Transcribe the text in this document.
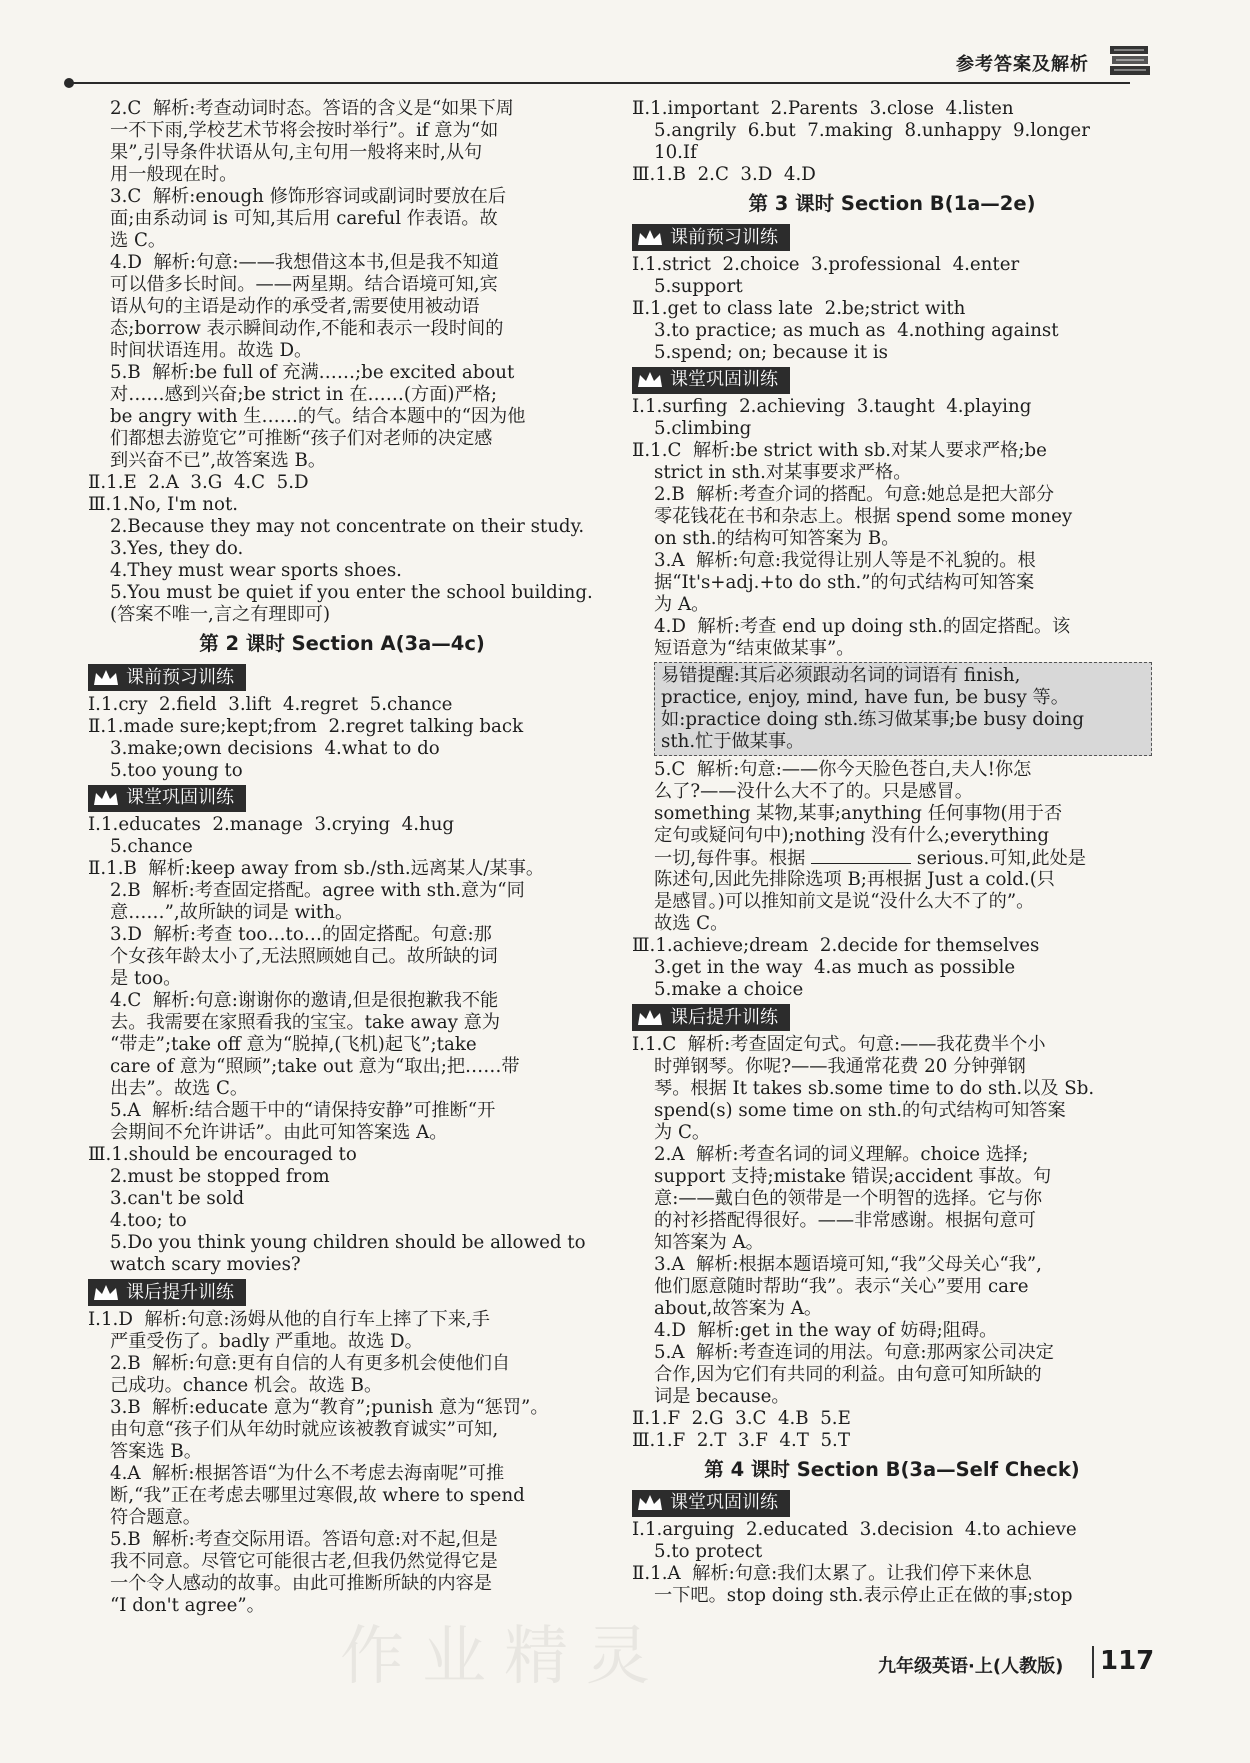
参考答案及解析
2.C  解析:考查动词时态。答语的含义是“如果下周
一不下雨,学校艺术节将会按时举行”。if 意为“如
果”,引导条件状语从句,主句用一般将来时,从句
用一般现在时。
3.C  解析:enough 修饰形容词或副词时要放在后
面;由系动词 is 可知,其后用 careful 作表语。故
选 C。
4.D  解析:句意:——我想借这本书,但是我不知道
可以借多长时间。——两星期。结合语境可知,宾
语从句的主语是动作的承受者,需要使用被动语
态;borrow 表示瞬间动作,不能和表示一段时间的
时间状语连用。故选 D。
5.B  解析:be full of 充满……;be excited about
对……感到兴奋;be strict in 在……(方面)严格;
be angry with 生……的气。结合本题中的“因为他
们都想去游览它”可推断“孩子们对老师的决定感
到兴奋不已”,故答案选 B。
Ⅱ.1.E  2.A  3.G  4.C  5.D
Ⅲ.1.No, I'm not.
2.Because they may not concentrate on their study.
3.Yes, they do.
4.They must wear sports shoes.
5.You must be quiet if you enter the school building.
(答案不唯一,言之有理即可)
第 2 课时 Section A(3a—4c)
课前预习训练
Ⅰ.1.cry  2.field  3.lift  4.regret  5.chance
Ⅱ.1.made sure;kept;from  2.regret talking back
3.make;own decisions  4.what to do
5.too young to
课堂巩固训练
Ⅰ.1.educates  2.manage  3.crying  4.hug
5.chance
Ⅱ.1.B  解析:keep away from sb./sth.远离某人/某事。
2.B  解析:考查固定搭配。agree with sth.意为“同
意……”,故所缺的词是 with。
3.D  解析:考查 too…to…的固定搭配。句意:那
个女孩年龄太小了,无法照顾她自己。故所缺的词
是 too。
4.C  解析:句意:谢谢你的邀请,但是很抱歉我不能
去。我需要在家照看我的宝宝。take away 意为
“带走”;take off 意为“脱掉,(飞机)起飞”;take
care of 意为“照顾”;take out 意为“取出;把……带
出去”。故选 C。
5.A  解析:结合题干中的“请保持安静”可推断“开
会期间不允许讲话”。由此可知答案选 A。
Ⅲ.1.should be encouraged to
2.must be stopped from
3.can't be sold
4.too; to
5.Do you think young children should be allowed to
watch scary movies?
课后提升训练
Ⅰ.1.D  解析:句意:汤姆从他的自行车上摔了下来,手
严重受伤了。badly 严重地。故选 D。
2.B  解析:句意:更有自信的人有更多机会使他们自
己成功。chance 机会。故选 B。
3.B  解析:educate 意为“教育”;punish 意为“惩罚”。
由句意“孩子们从年幼时就应该被教育诚实”可知,
答案选 B。
4.A  解析:根据答语“为什么不考虑去海南呢”可推
断,“我”正在考虑去哪里过寒假,故 where to spend
符合题意。
5.B  解析:考查交际用语。答语句意:对不起,但是
我不同意。尽管它可能很古老,但我仍然觉得它是
一个令人感动的故事。由此可推断所缺的内容是
“I don't agree”。
Ⅱ.1.important  2.Parents  3.close  4.listen
5.angrily  6.but  7.making  8.unhappy  9.longer
10.If
Ⅲ.1.B  2.C  3.D  4.D
第 3 课时 Section B(1a—2e)
课前预习训练
Ⅰ.1.strict  2.choice  3.professional  4.enter
5.support
Ⅱ.1.get to class late  2.be;strict with
3.to practice; as much as  4.nothing against
5.spend; on; because it is
课堂巩固训练
Ⅰ.1.surfing  2.achieving  3.taught  4.playing
5.climbing
Ⅱ.1.C  解析:be strict with sb.对某人要求严格;be
strict in sth.对某事要求严格。
2.B  解析:考查介词的搭配。句意:她总是把大部分
零花钱花在书和杂志上。根据 spend some money
on sth.的结构可知答案为 B。
3.A  解析:句意:我觉得让别人等是不礼貌的。根
据“It's+adj.+to do sth.”的句式结构可知答案
为 A。
4.D  解析:考查 end up doing sth.的固定搭配。该
短语意为“结束做某事”。
易错提醒:其后必须跟动名词的词语有 finish,
practice, enjoy, mind, have fun, be busy 等。
如:practice doing sth.练习做某事;be busy doing
sth.忙于做某事。
5.C  解析:句意:——你今天脸色苍白,夫人!你怎
么了?——没什么大不了的。只是感冒。
something 某物,某事;anything 任何事物(用于否
定句或疑问句中);nothing 没有什么;everything
一切,每件事。根据	serious.可知,此处是
陈述句,因此先排除选项 B;再根据 Just a cold.(只
是感冒。)可以推知前文是说“没什么大不了的”。
故选 C。
Ⅲ.1.achieve;dream  2.decide for themselves
3.get in the way  4.as much as possible
5.make a choice
课后提升训练
Ⅰ.1.C  解析:考查固定句式。句意:——我花费半个小
时弹钢琴。你呢?——我通常花费 20 分钟弹钢
琴。根据 It takes sb.some time to do sth.以及 Sb.
spend(s) some time on sth.的句式结构可知答案
为 C。
2.A  解析:考查名词的词义理解。choice 选择;
support 支持;mistake 错误;accident 事故。句
意:——戴白色的领带是一个明智的选择。它与你
的衬衫搭配得很好。——非常感谢。根据句意可
知答案为 A。
3.A  解析:根据本题语境可知,“我”父母关心“我”,
他们愿意随时帮助“我”。表示“关心”要用 care
about,故答案为 A。
4.D  解析:get in the way of 妨碍;阻碍。
5.A  解析:考查连词的用法。句意:那两家公司决定
合作,因为它们有共同的利益。由句意可知所缺的
词是 because。
Ⅱ.1.F  2.G  3.C  4.B  5.E
Ⅲ.1.F  2.T  3.F  4.T  5.T
第 4 课时 Section B(3a—Self Check)
课堂巩固训练
Ⅰ.1.arguing  2.educated  3.decision  4.to achieve
5.to protect
Ⅱ.1.A  解析:句意:我们太累了。让我们停下来休息
一下吧。stop doing sth.表示停止正在做的事;stop
作业精灵	九年级英语·上(人教版) 117
